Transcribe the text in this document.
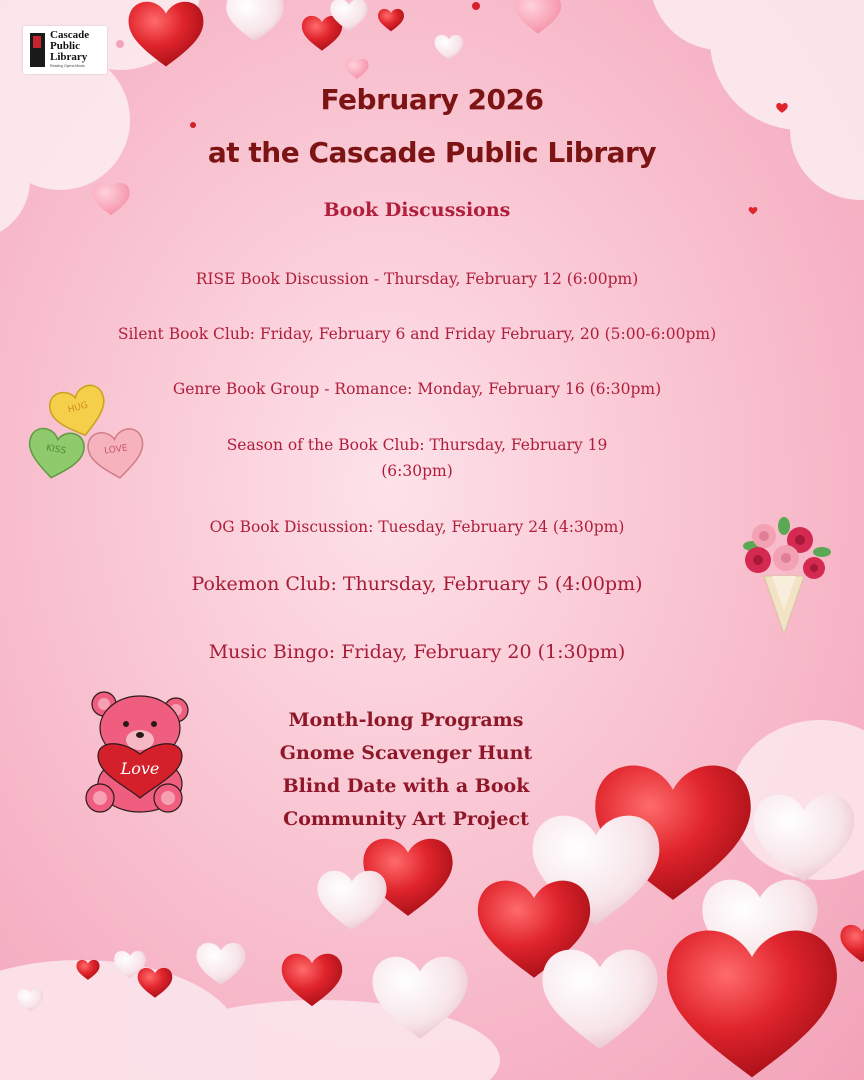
HUG
KISS	LOVE
Love
Cascade
Public
Library
Reading Opens Minds
February 2026
at the Cascade Public Library
Book Discussions
RISE Book Discussion - Thursday, February 12 (6:00pm)
Silent Book Club: Friday, February 6 and Friday February, 20 (5:00-6:00pm)
Genre Book Group - Romance: Monday, February 16 (6:30pm)
Season of the Book Club: Thursday, February 19
(6:30pm)
OG Book Discussion: Tuesday, February 24 (4:30pm)
Pokemon Club: Thursday, February 5 (4:00pm)
Music Bingo: Friday, February 20 (1:30pm)
Month-long Programs
Gnome Scavenger Hunt
Blind Date with a Book
Community Art Project
